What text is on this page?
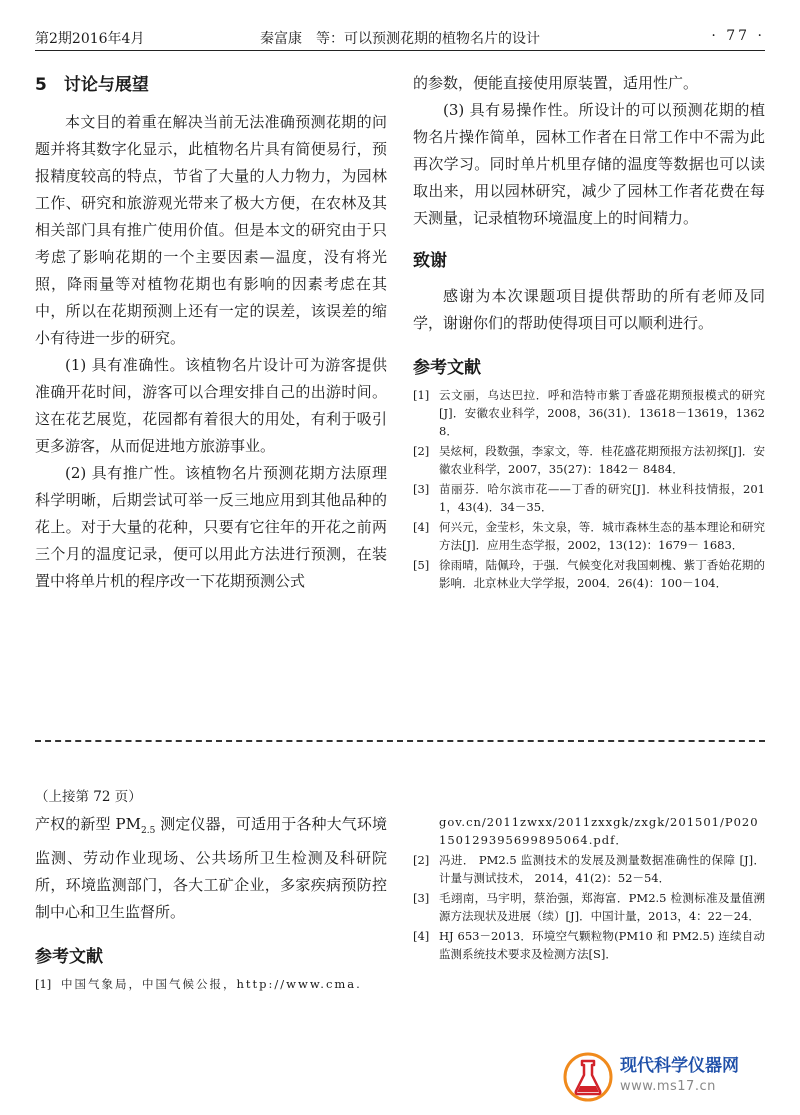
第2期2016年4月	秦富康　等：可以预测花期的植物名片的设计	· 77 ·

5　讨论与展望

本文目的着重在解决当前无法准确预测花期的问题并将其数字化显示，此植物名片具有简便易行，预报精度较高的特点，节省了大量的人力物力，为园林工作、研究和旅游观光带来了极大方便，在农林及其相关部门具有推广使用价值。但是本文的研究由于只考虑了影响花期的一个主要因素—温度，没有将光照，降雨量等对植物花期也有影响的因素考虑在其中，所以在花期预测上还有一定的误差，该误差的缩小有待进一步的研究。

(1) 具有准确性。该植物名片设计可为游客提供准确开花时间，游客可以合理安排自己的出游时间。这在花艺展览，花园都有着很大的用处，有利于吸引更多游客，从而促进地方旅游事业。

(2) 具有推广性。该植物名片预测花期方法原理科学明晰，后期尝试可举一反三地应用到其他品种的花上。对于大量的花种，只要有它往年的开花之前两三个月的温度记录，便可以用此方法进行预测，在装置中将单片机的程序改一下花期预测公式

的参数，便能直接使用原装置，适用性广。

(3) 具有易操作性。所设计的可以预测花期的植物名片操作简单，园林工作者在日常工作中不需为此再次学习。同时单片机里存储的温度等数据也可以读取出来，用以园林研究，减少了园林工作者花费在每天测量，记录植物环境温度上的时间精力。

致谢

感谢为本次课题项目提供帮助的所有老师及同学，谢谢你们的帮助使得项目可以顺利进行。

参考文献

[1] 云文丽，乌达巴拉．呼和浩特市紫丁香盛花期预报模式的研究[J]．安徽农业科学，2008，36(31)．13618－13619，13628．
[2] 吴炫柯，段数强，李家文，等．桂花盛花期预报方法初探[J]．安徽农业科学，2007，35(27)：1842－ 8484．
[3] 苗丽芬．哈尔滨市花——丁香的研究[J]．林业科技情报，2011，43(4)．34－35．
[4] 何兴元，金莹杉，朱文泉，等．城市森林生态的基本理论和研究方法[J]．应用生态学报，2002，13(12)：1679－ 1683．
[5] 徐雨晴，陆佩玲，于强．气候变化对我国刺槐、紫丁香始花期的影响．北京林业大学学报，2004．26(4)：100－104．

（上接第 72 页）

产权的新型 $PM_{2.5}$ 测定仪器，可适用于各种大气环境监测、劳动作业现场、公共场所卫生检测及科研院所，环境监测部门，各大工矿企业，多家疾病预防控制中心和卫生监督所。

参考文献

[1] 中国气象局，中国气候公报，http://www.cma.
gov.cn/2011zwxx/2011zxxgk/zxgk/201501/P020150129395699895064.pdf．
[2] 冯进． PM2.5 监测技术的发展及测量数据准确性的保障 [J]．计量与测试技术， 2014，41(2)：52－54．
[3] 毛翊南，马宇明，蔡治强，郑海富．PM2.5 检测标准及量值溯源方法现状及进展（续）[J]．中国计量，2013，4：22－24．
[4] HJ 653－2013．环境空气颗粒物(PM10 和 PM2.5) 连续自动监测系统技术要求及检测方法[S]．
现代科学仪器网
www.ms17.cn
